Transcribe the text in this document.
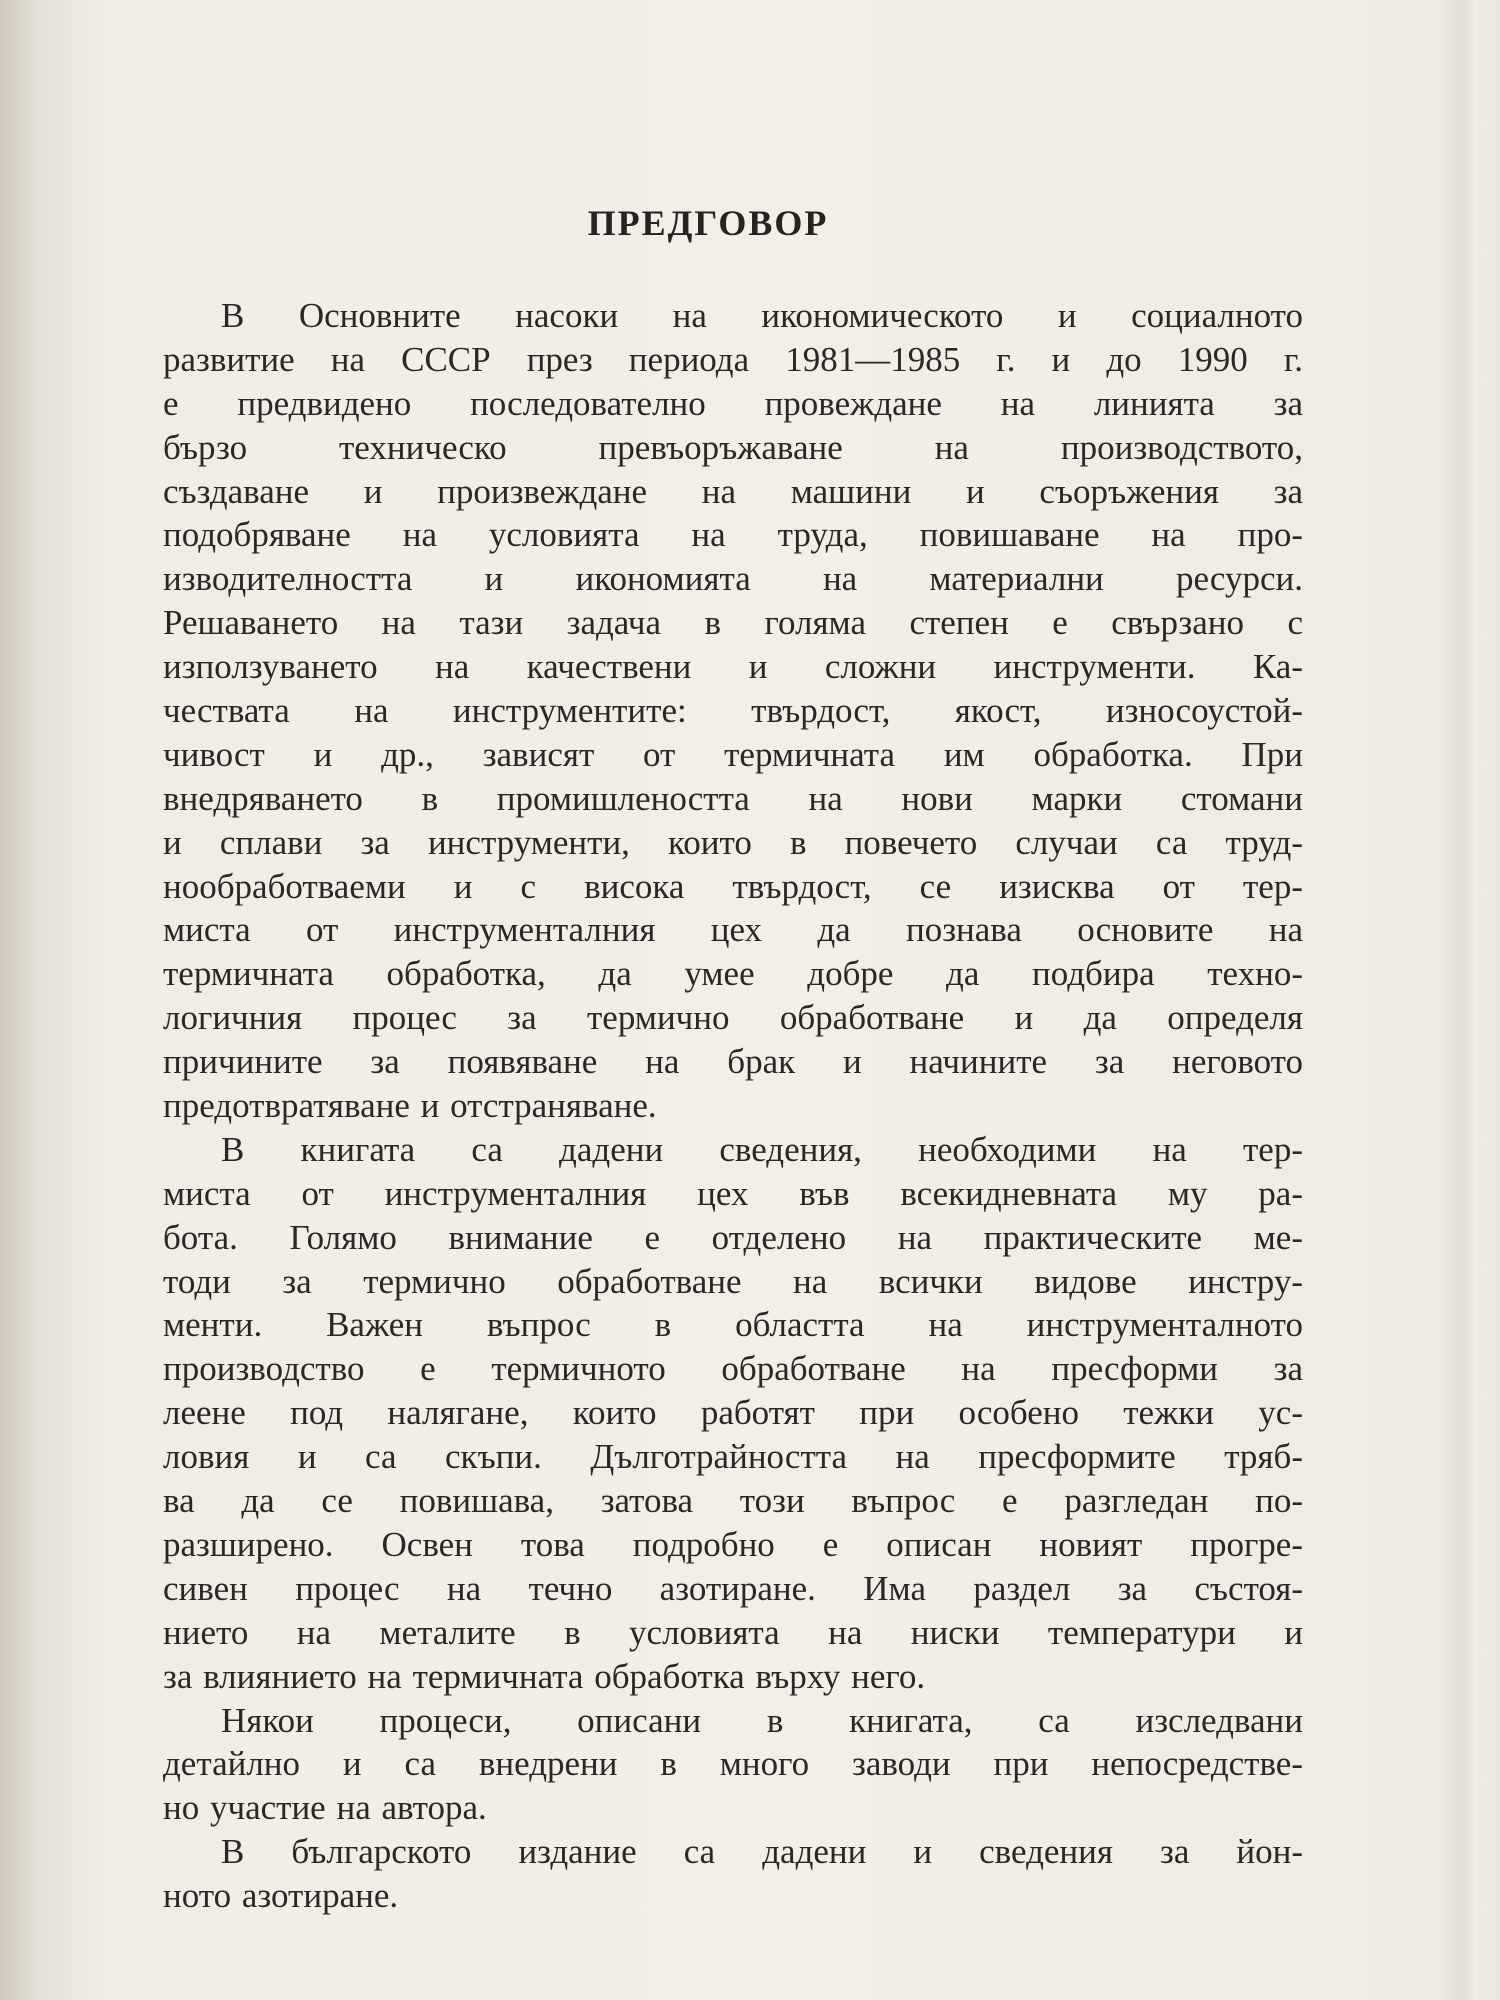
ПРЕДГОВОР
В Основните насоки на икономическото и социалното
развитие на СССР през периода 1981—1985 г. и до 1990 г.
е предвидено последователно провеждане на линията за
бързо техническо превъоръжаване на производството,
създаване и произвеждане на машини и съоръжения за
подобряване на условията на труда, повишаване на про-
изводителността и икономията на материални ресурси.
Решаването на тази задача в голяма степен е свързано с
използуването на качествени и сложни инструменти. Ка-
чествата на инструментите: твърдост, якост, износоустой-
чивост и др., зависят от термичната им обработка. При
внедряването в промишлеността на нови марки стомани
и сплави за инструменти, които в повечето случаи са труд-
нообработваеми и с висока твърдост, се изисква от тер-
миста от инструменталния цех да познава основите на
термичната обработка, да умее добре да подбира техно-
логичния процес за термично обработване и да определя
причините за появяване на брак и начините за неговото
предотвратяване и отстраняване.
В книгата са дадени сведения, необходими на тер-
миста от инструменталния цех във всекидневната му ра-
бота. Голямо внимание е отделено на практическите ме-
тоди за термично обработване на всички видове инстру-
менти. Важен въпрос в областта на инструменталното
производство е термичното обработване на пресформи за
леене под налягане, които работят при особено тежки ус-
ловия и са скъпи. Дълготрайността на пресформите тряб-
ва да се повишава, затова този въпрос е разгледан по-
разширено. Освен това подробно е описан новият прогре-
сивен процес на течно азотиране. Има раздел за състоя-
нието на металите в условията на ниски температури и
за влиянието на термичната обработка върху него.
Някои процеси, описани в книгата, са изследвани
детайлно и са внедрени в много заводи при непосредстве-
но участие на автора.
В българското издание са дадени и сведения за йон-
ното азотиране.
